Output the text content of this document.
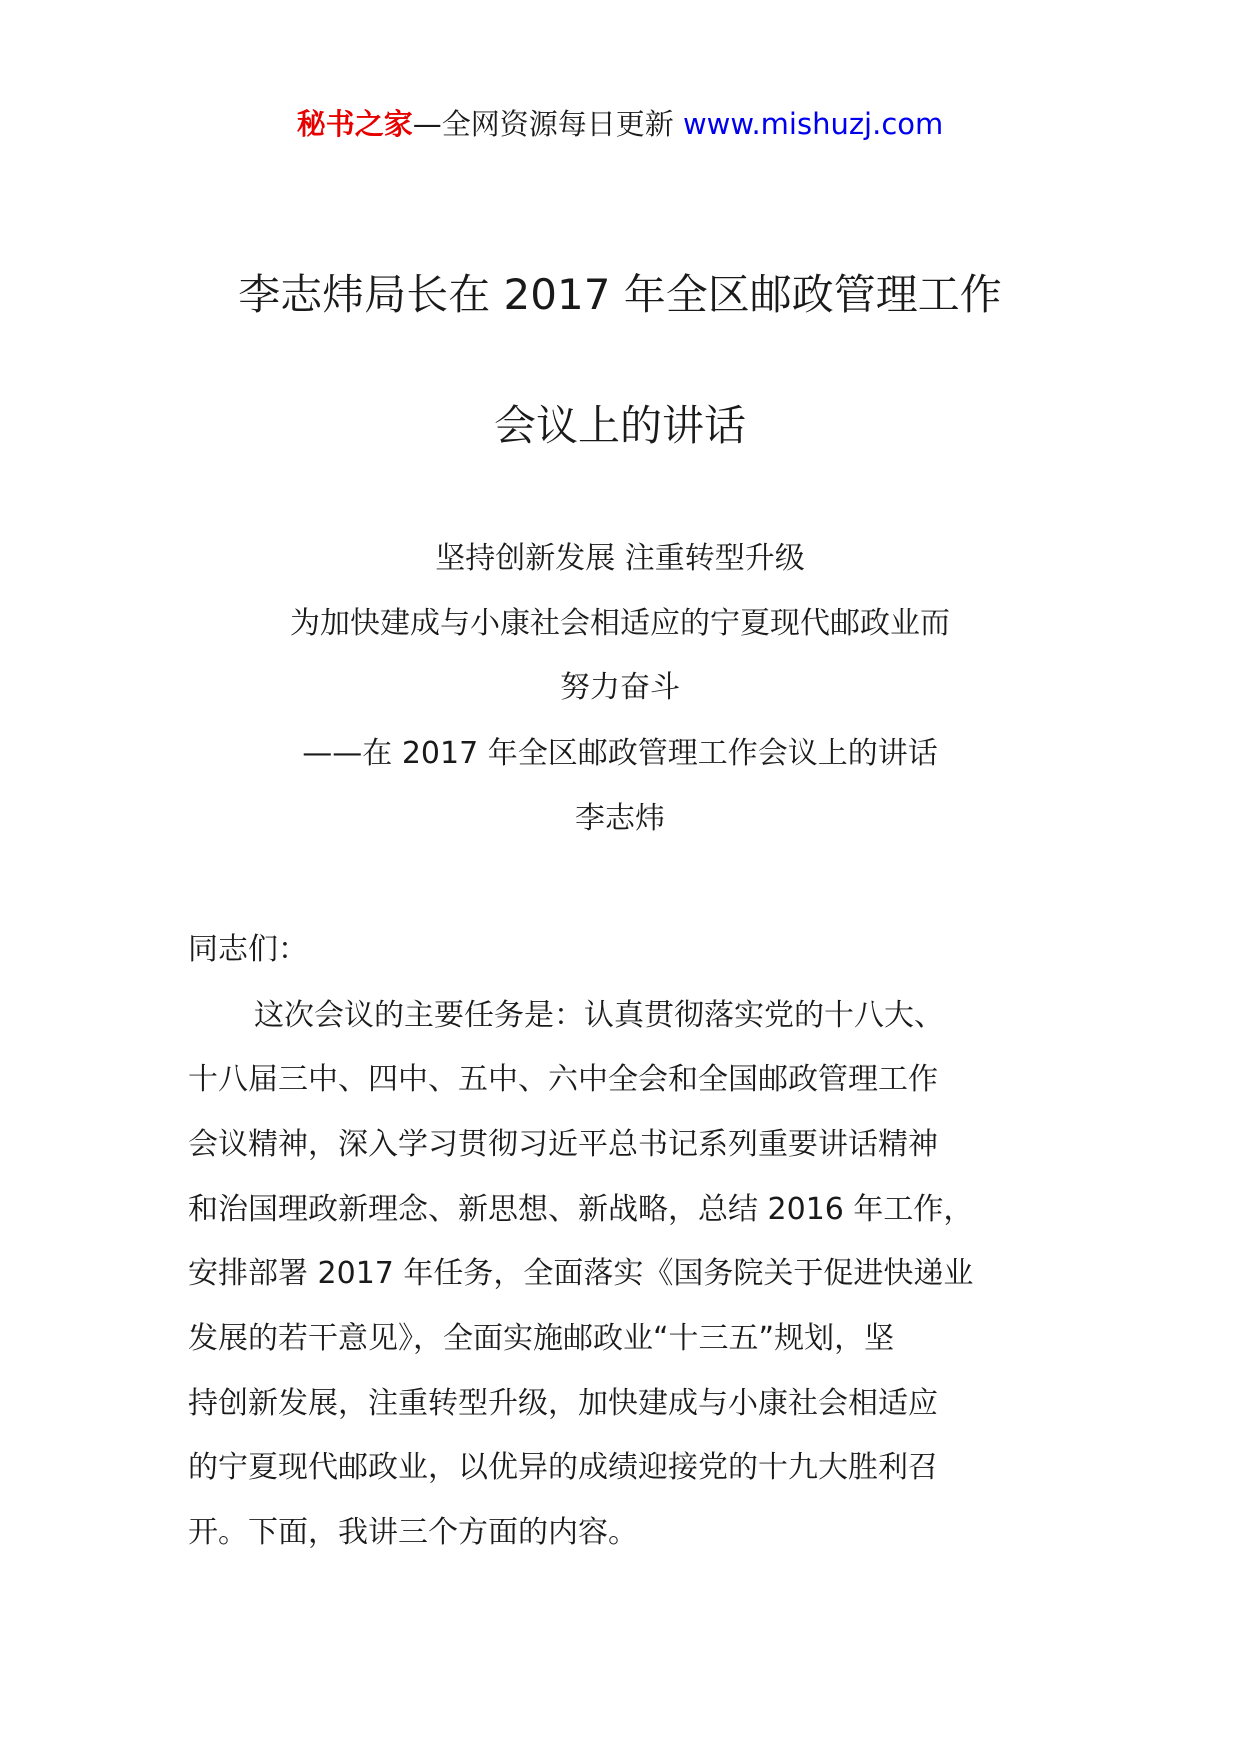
秘书之家—全网资源每日更新 www.mishuzj.com
李志炜局长在 2017 年全区邮政管理工作
会议上的讲话
坚持创新发展 注重转型升级
为加快建成与小康社会相适应的宁夏现代邮政业而
努力奋斗
——在 2017 年全区邮政管理工作会议上的讲话
李志炜
同志们：
这次会议的主要任务是：认真贯彻落实党的十八大、
十八届三中、四中、五中、六中全会和全国邮政管理工作
会议精神，深入学习贯彻习近平总书记系列重要讲话精神
和治国理政新理念、新思想、新战略，总结 2016 年工作，
安排部署 2017 年任务，全面落实《国务院关于促进快递业
发展的若干意见》，全面实施邮政业“十三五”规划，坚
持创新发展，注重转型升级，加快建成与小康社会相适应
的宁夏现代邮政业，以优异的成绩迎接党的十九大胜利召
开。下面，我讲三个方面的内容。
